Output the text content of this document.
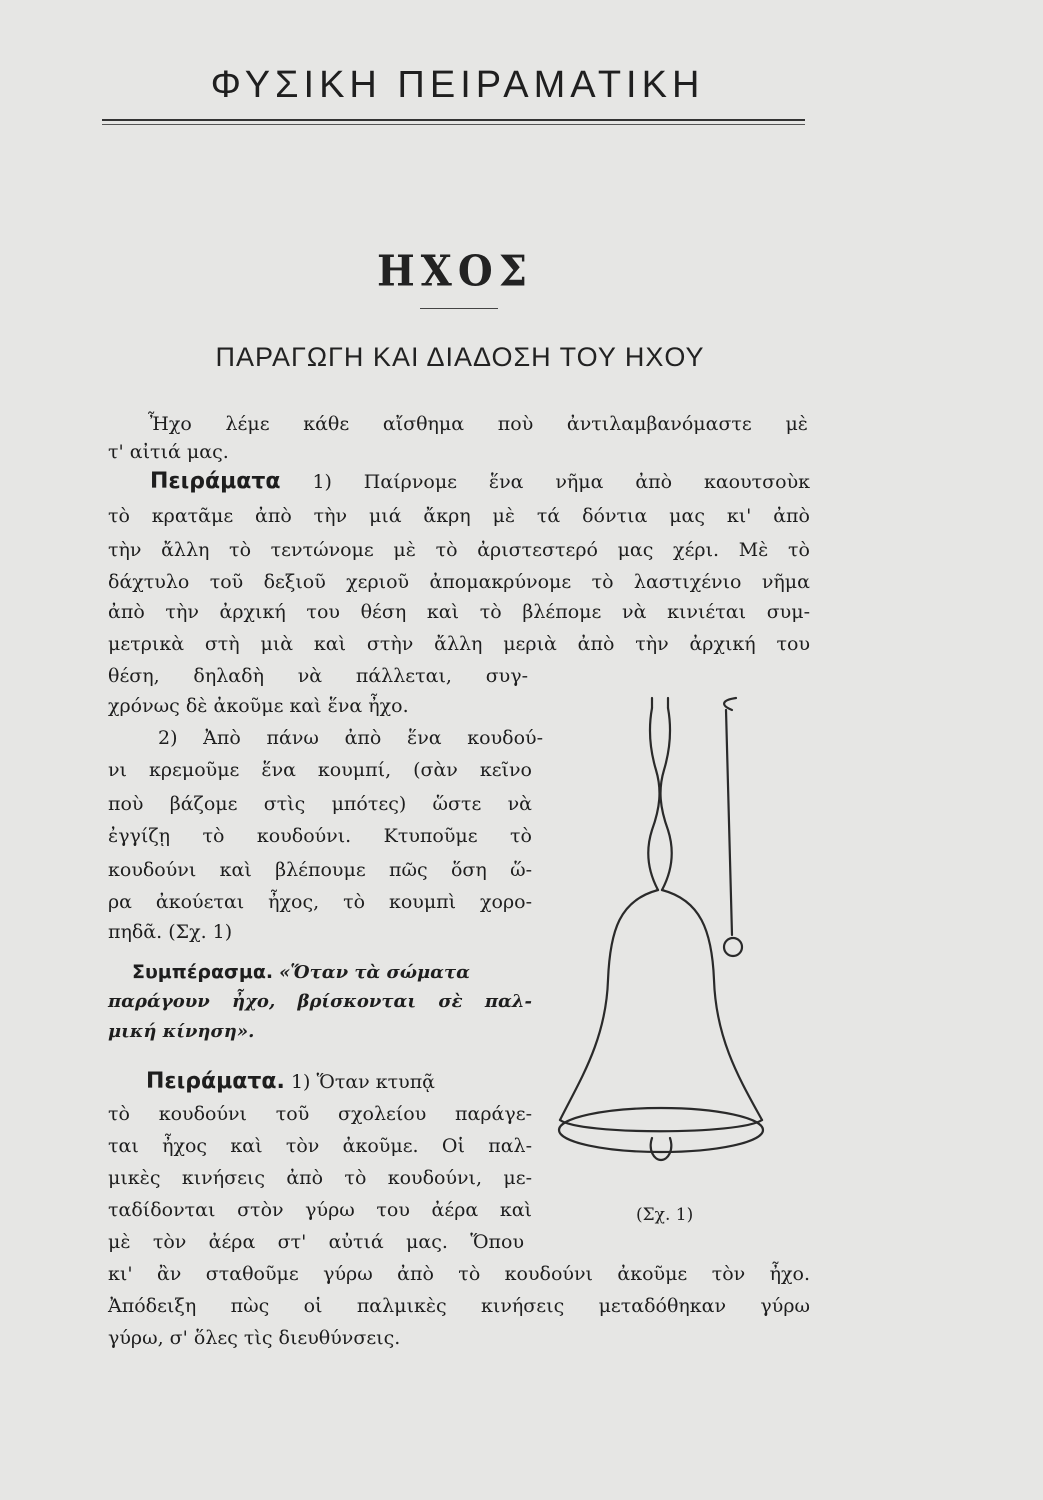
ΦΥΣΙΚΗ ΠΕΙΡΑΜΑΤΙΚΗ
ΗΧΟΣ
ΠΑΡΑΓΩΓΗ ΚΑΙ ΔΙΑΔΟΣΗ ΤΟΥ ΗΧΟΥ
Ἦχο λέμε κάθε αἴσθημα ποὺ ἀντιλαμβανόμαστε μὲ
τ' αἰτιά μας.
Πειράματα 1) Παίρνομε ἕνα νῆμα ἀπὸ καουτσοὺκ
τὸ κρατᾶμε ἀπὸ τὴν μιά ἄκρη μὲ τά δόντια μας κι' ἀπὸ
τὴν ἄλλη τὸ τεντώνομε μὲ τὸ ἀριστεστερό μας χέρι. Μὲ τὸ
δάχτυλο τοῦ δεξιοῦ χεριοῦ ἀπομακρύνομε τὸ λαστιχένιο νῆμα
ἀπὸ τὴν ἀρχική του θέση καὶ τὸ βλέπομε νὰ κινιέται συμ-
μετρικὰ στὴ μιὰ καὶ στὴν ἄλλη μεριὰ ἀπὸ τὴν ἀρχική του
θέση, δηλαδὴ νὰ πάλλεται, συγ-
χρόνως δὲ ἀκοῦμε καὶ ἕνα ἦχο.
2) Ἀπὸ πάνω ἀπὸ ἕνα κουδού-
νι κρεμοῦμε ἕνα κουμπί, (σὰν κεῖνο
ποὺ βάζομε στὶς μπότες) ὥστε νὰ
ἐγγίζῃ τὸ κουδούνι. Κτυποῦμε τὸ
κουδούνι καὶ βλέπουμε πῶς ὅση ὥ-
ρα ἀκούεται ἦχος, τὸ κουμπὶ χορο-
πηδᾶ. (Σχ. 1)
Συμπέρασμα. «Ὅταν τὰ σώματα
παράγουν ἦχο, βρίσκονται σὲ παλ-
μική κίνηση».
Πειράματα. 1) Ὅταν κτυπᾷ
τὸ κουδούνι τοῦ σχολείου παράγε-
ται ἦχος καὶ τὸν ἀκοῦμε. Οἱ παλ-
μικὲς κινήσεις ἀπὸ τὸ κουδούνι, με-
ταδίδονται στὸν γύρω του ἀέρα καὶ
μὲ τὸν ἀέρα στ' αὐτιά μας. Ὅπου
κι' ἂν σταθοῦμε γύρω ἀπὸ τὸ κουδούνι ἀκοῦμε τὸν ἦχο.
Ἀπόδειξη πὼς οἱ παλμικὲς κινήσεις μεταδόθηκαν γύρω
γύρω, σ' ὅλες τὶς διευθύνσεις.
(Σχ. 1)
